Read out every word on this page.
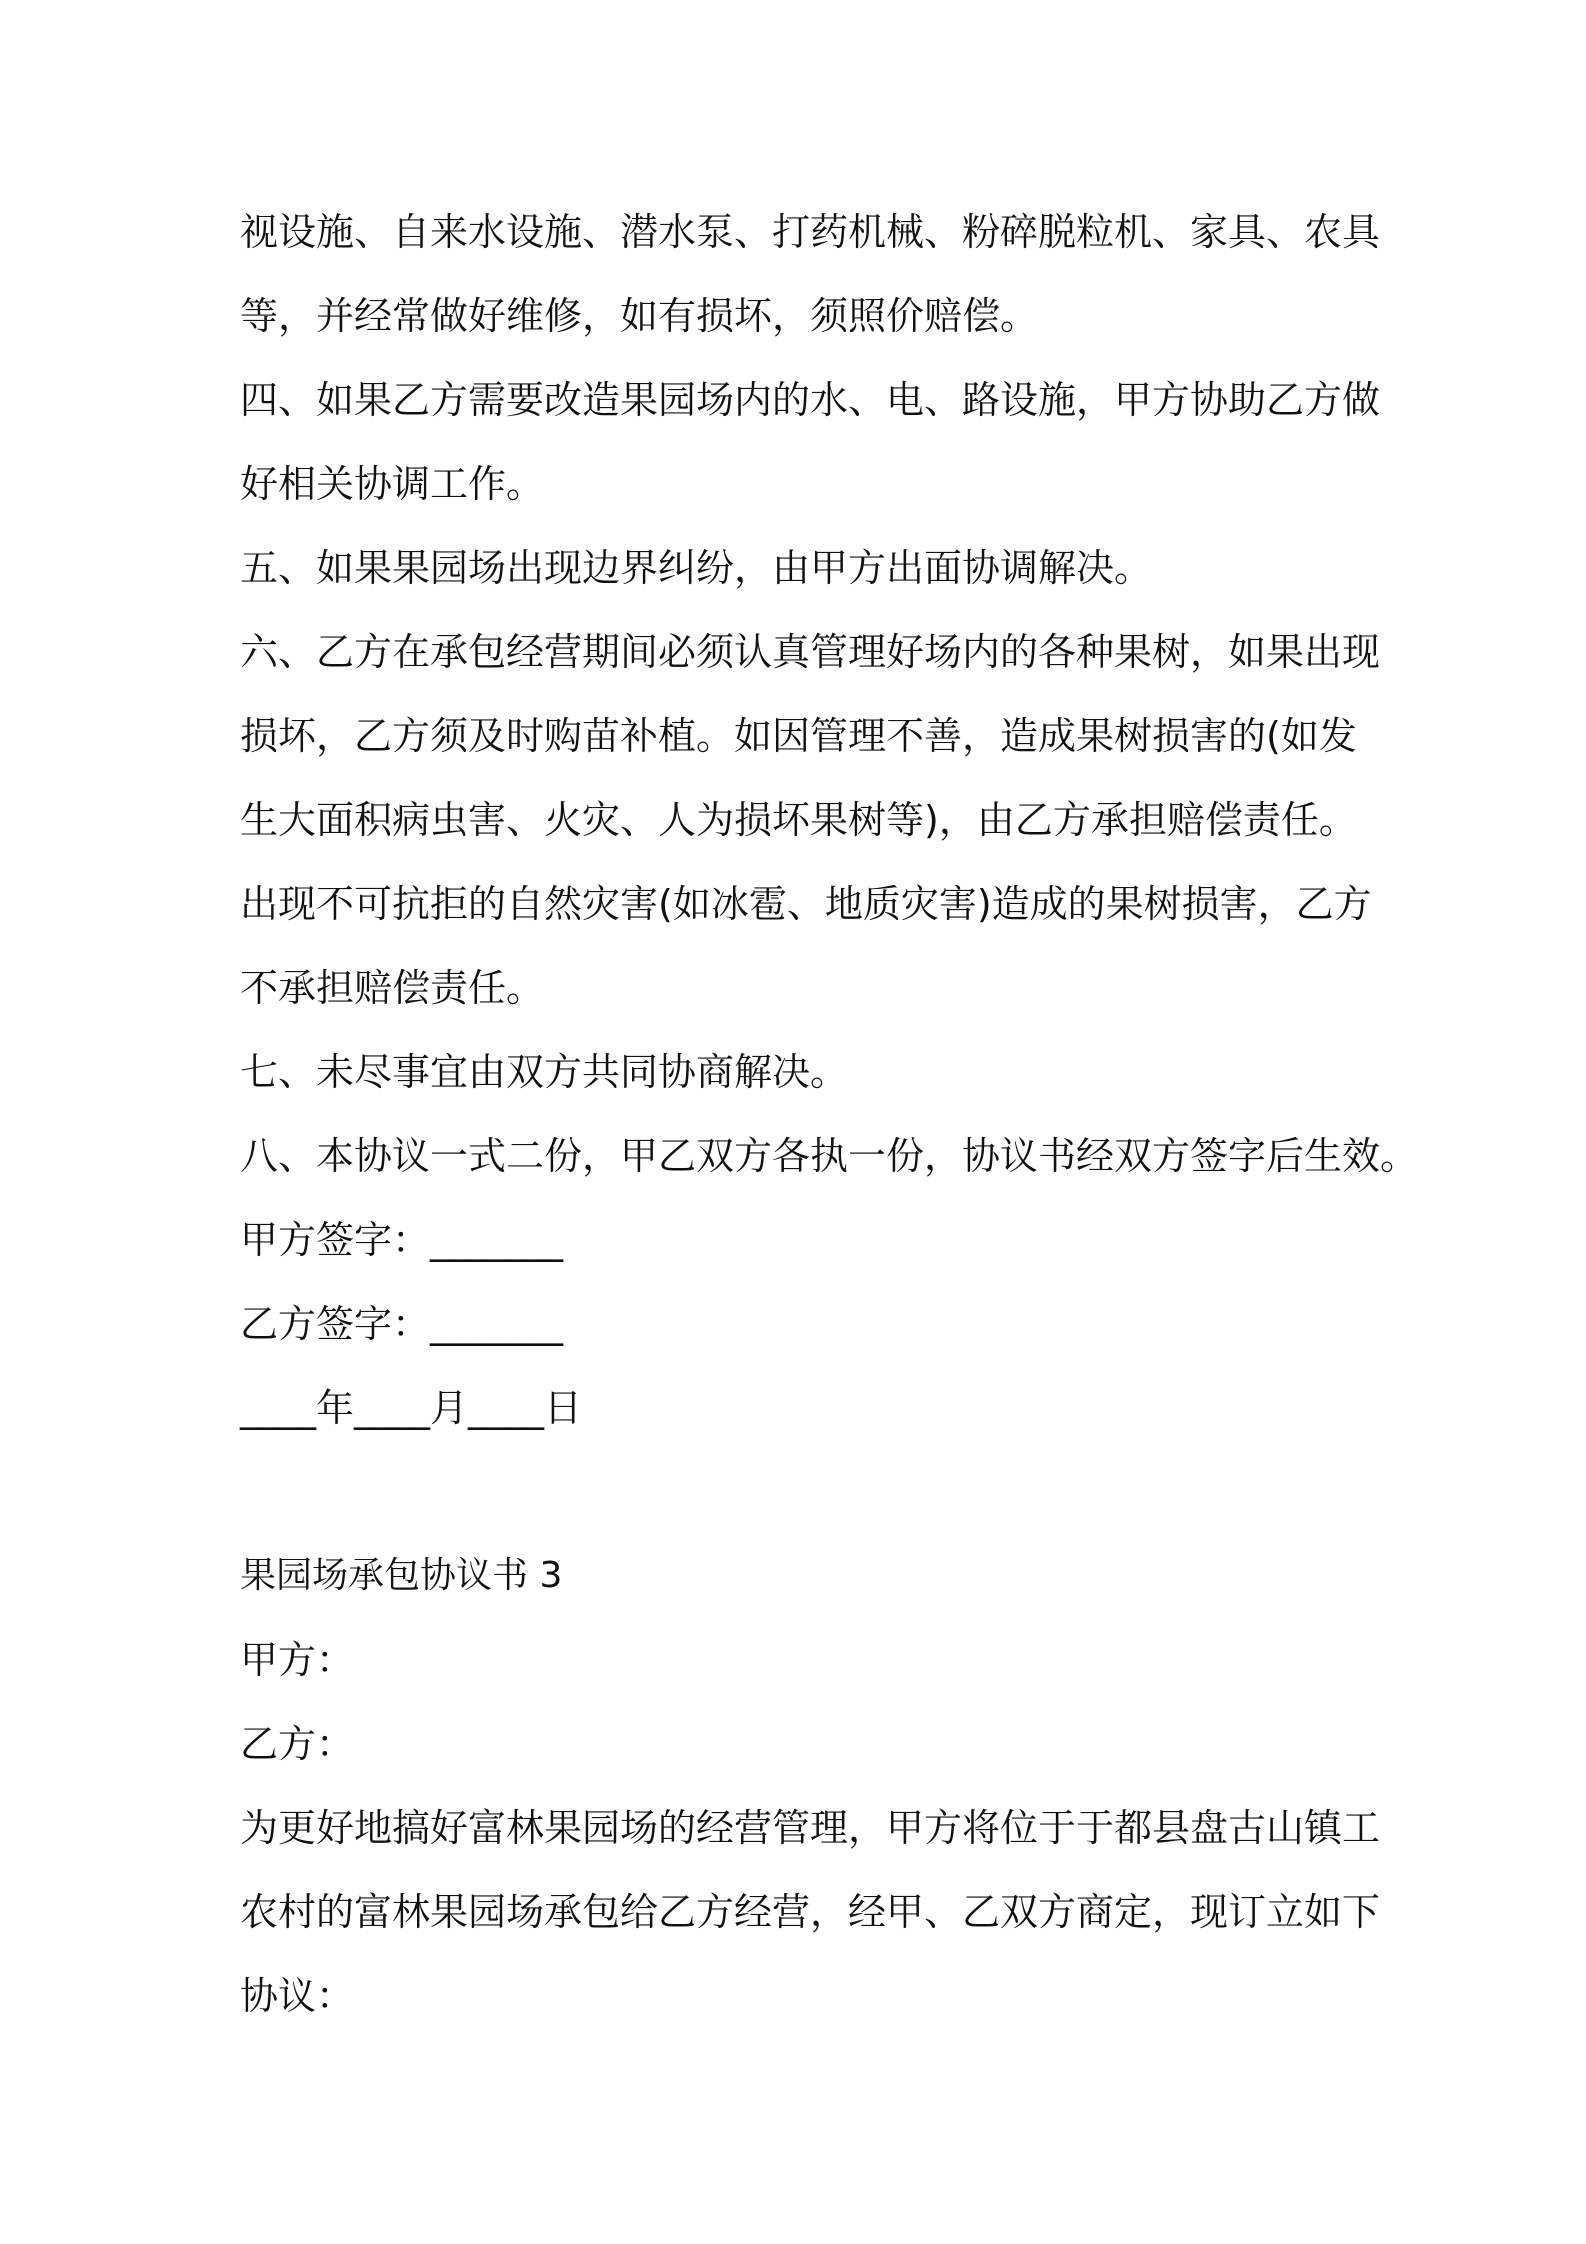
视设施、自来水设施、潜水泵、打药机械、粉碎脱粒机、家具、农具
等，并经常做好维修，如有损坏，须照价赔偿。
四、如果乙方需要改造果园场内的水、电、路设施，甲方协助乙方做
好相关协调工作。
五、如果果园场出现边界纠纷，由甲方出面协调解决。
六、乙方在承包经营期间必须认真管理好场内的各种果树，如果出现
损坏，乙方须及时购苗补植。如因管理不善，造成果树损害的(如发
生大面积病虫害、火灾、人为损坏果树等)，由乙方承担赔偿责任。
出现不可抗拒的自然灾害(如冰雹、地质灾害)造成的果树损害，乙方
不承担赔偿责任。
七、未尽事宜由双方共同协商解决。
八、本协议一式二份，甲乙双方各执一份，协议书经双方签字后生效。
甲方签字：_______
乙方签字：_______
____年____月____日
果园场承包协议书 3
甲方：
乙方：
为更好地搞好富林果园场的经营管理，甲方将位于于都县盘古山镇工
农村的富林果园场承包给乙方经营，经甲、乙双方商定，现订立如下
协议：
